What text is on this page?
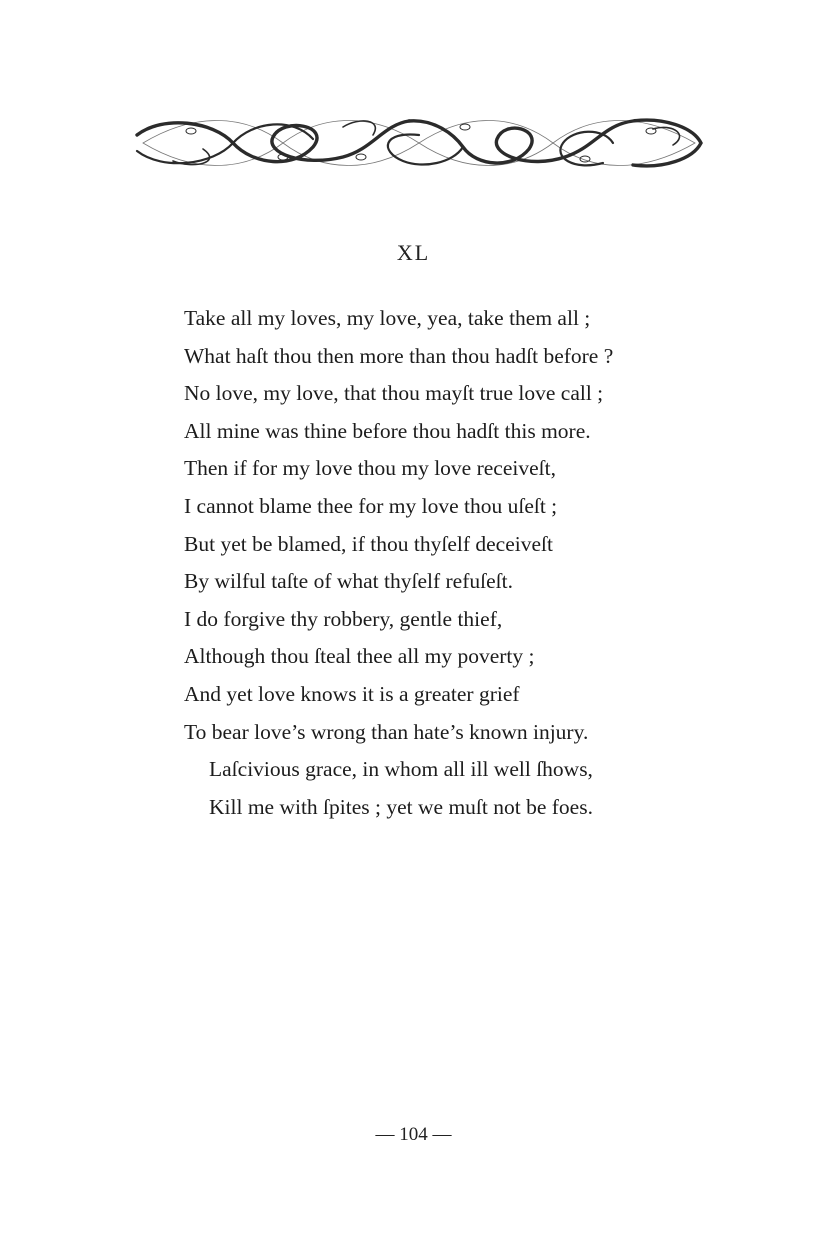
XL
Take all my loves, my love, yea, take them all ;
What haſt thou then more than thou hadſt before ?
No love, my love, that thou mayſt true love call ;
All mine was thine before thou hadſt this more.
Then if for my love thou my love receiveſt,
I cannot blame thee for my love thou uſeſt ;
But yet be blamed, if thou thyſelf deceiveſt
By wilful taſte of what thyſelf refuſeſt.
I do forgive thy robbery, gentle thief,
Although thou ſteal thee all my poverty ;
And yet love knows it is a greater grief
To bear love’s wrong than hate’s known injury.
Laſcivious grace, in whom all ill well ſhows,
Kill me with ſpites ; yet we muſt not be foes.
— 104 —
